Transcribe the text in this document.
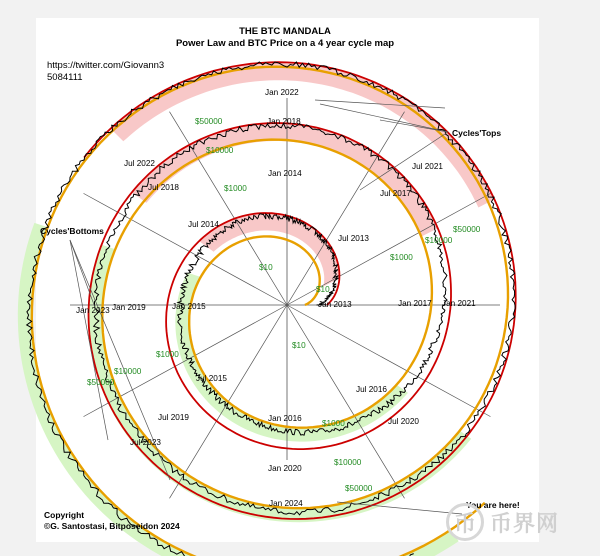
THE BTC MANDALA
Power Law and BTC Price on a 4 year cycle map
https://twitter.com/Giovann35084111
Cycles'Tops
Cycles'Bottoms
You are here!
Jan 2013
Jul 2013
Jan 2014
Jul 2014
Jan 2015
Jul 2015
Jan 2016
Jul 2016
Jan 2017
Jul 2017
Jan 2018
Jul 2018
Jan 2019
Jul 2019
Jan 2020
Jul 2020
Jan 2021
Jul 2021
Jan 2022
Jul 2022
Jan 2023
Jul 2023
Jan 2024
$10
$10
$10
$1000
$1000
$1000
$1000
$10000
$10000
$10000
$10000
$50000
$50000
$50000
$50000
Copyright
©G. Santostasi, Bitposeidon 2024	币 币界网
